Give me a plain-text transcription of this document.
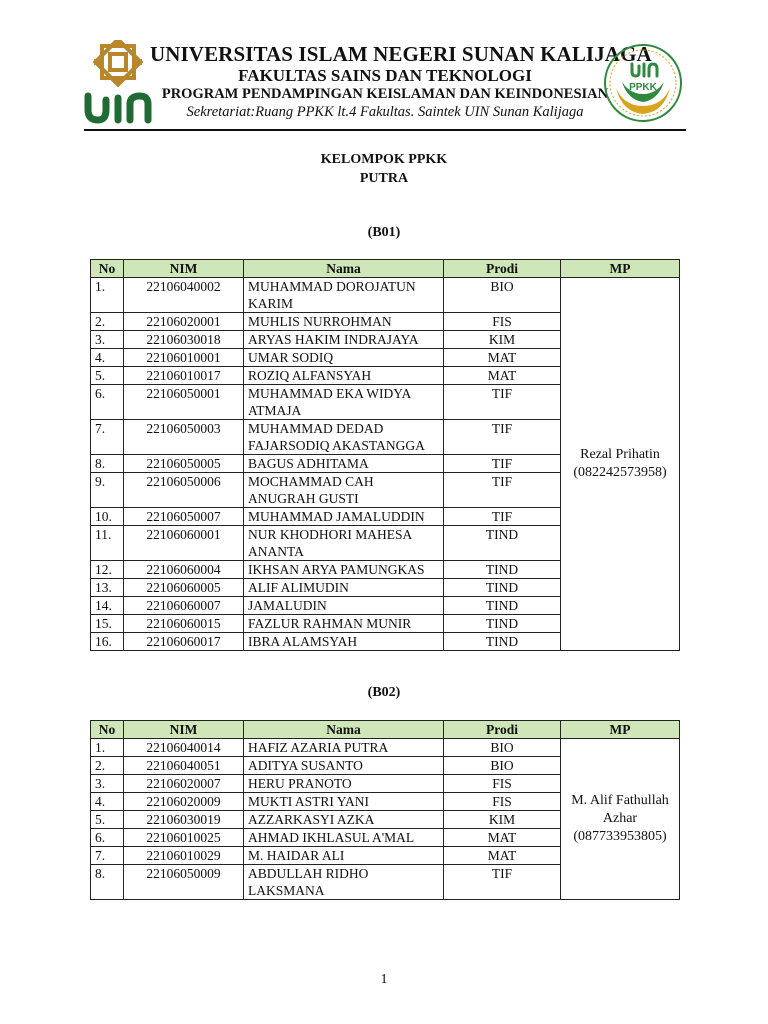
UNIVERSITAS ISLAM NEGERI SUNAN KALIJAGA
FAKULTAS SAINS DAN TEKNOLOGI
PROGRAM PENDAMPINGAN KEISLAMAN DAN KEINDONESIAN
Sekretariat:Ruang PPKK lt.4 Fakultas. Saintek UIN Sunan Kalijaga
PPKK
KELOMPOK PPKK
PUTRA
(B01)
No	NIM	Nama	Prodi	MP
1.	22106040002	MUHAMMAD DOROJATUN KARIM	BIO	Rezal Prihatin
(082242573958)

2.	22106020001	MUHLIS NURROHMAN	FIS	
3.	22106030018	ARYAS HAKIM INDRAJAYA	KIM	
4.	22106010001	UMAR SODIQ	MAT	
5.	22106010017	ROZIQ ALFANSYAH	MAT	
6.	22106050001	MUHAMMAD EKA WIDYA ATMAJA	TIF	
7.	22106050003	MUHAMMAD DEDAD FAJARSODIQ AKASTANGGA	TIF	
8.	22106050005	BAGUS ADHITAMA	TIF	
9.	22106050006	MOCHAMMAD CAH ANUGRAH GUSTI	TIF	
10.	22106050007	MUHAMMAD JAMALUDDIN	TIF	
11.	22106060001	NUR KHODHORI MAHESA ANANTA	TIND	
12.	22106060004	IKHSAN ARYA PAMUNGKAS	TIND	
13.	22106060005	ALIF ALIMUDIN	TIND	
14.	22106060007	JAMALUDIN	TIND	
15.	22106060015	FAZLUR RAHMAN MUNIR	TIND	
16.	22106060017	IBRA ALAMSYAH	TIND	
(B02)
No	NIM	Nama	Prodi	MP
1.	22106040014	HAFIZ AZARIA PUTRA	BIO	M. Alif Fathullah Azhar
(087733953805)

2.	22106040051	ADITYA SUSANTO	BIO	
3.	22106020007	HERU PRANOTO	FIS	
4.	22106020009	MUKTI ASTRI YANI	FIS	
5.	22106030019	AZZARKASYI AZKA	KIM	
6.	22106010025	AHMAD IKHLASUL A'MAL	MAT	
7.	22106010029	M. HAIDAR ALI	MAT	
8.	22106050009	ABDULLAH RIDHO LAKSMANA	TIF	
1
